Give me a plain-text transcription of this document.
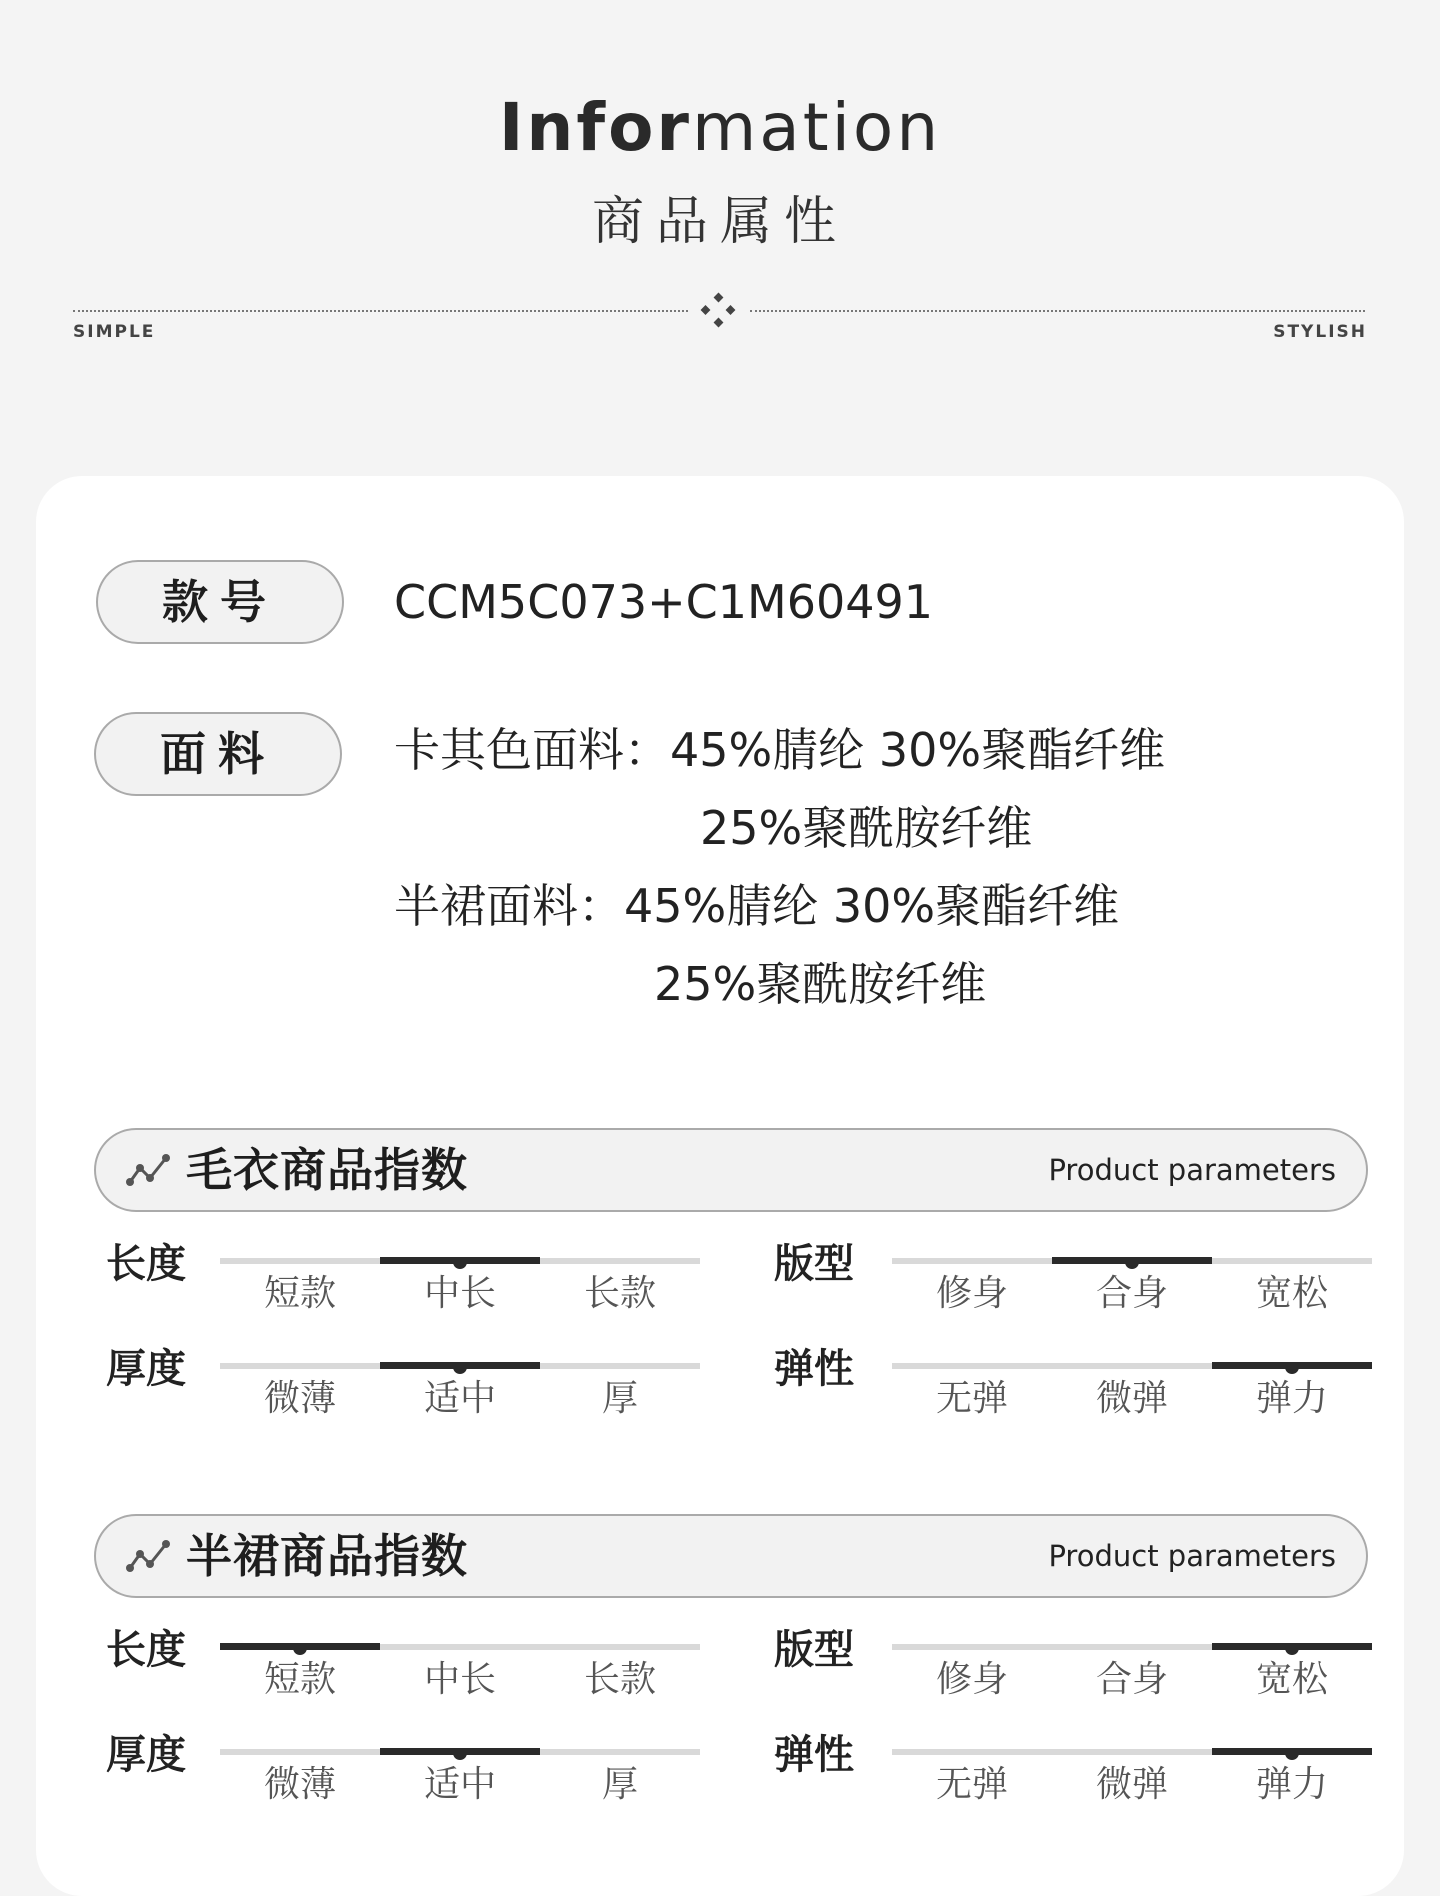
Information
商品属性
SIMPLE	STYLISH
款号	CCM5C073+C1M60491
面料	卡其色面料：45%腈纶 30%聚酯纤维
25%聚酰胺纤维
半裙面料：45%腈纶 30%聚酯纤维
25%聚酰胺纤维
毛衣商品指数	Product parameters
长度
短款	中长	长款
版型
修身	合身	宽松
厚度
微薄	适中	厚
弹性
无弹	微弹	弹力
半裙商品指数	Product parameters
长度
短款	中长	长款
版型
修身	合身	宽松
厚度
微薄	适中	厚
弹性
无弹	微弹	弹力
